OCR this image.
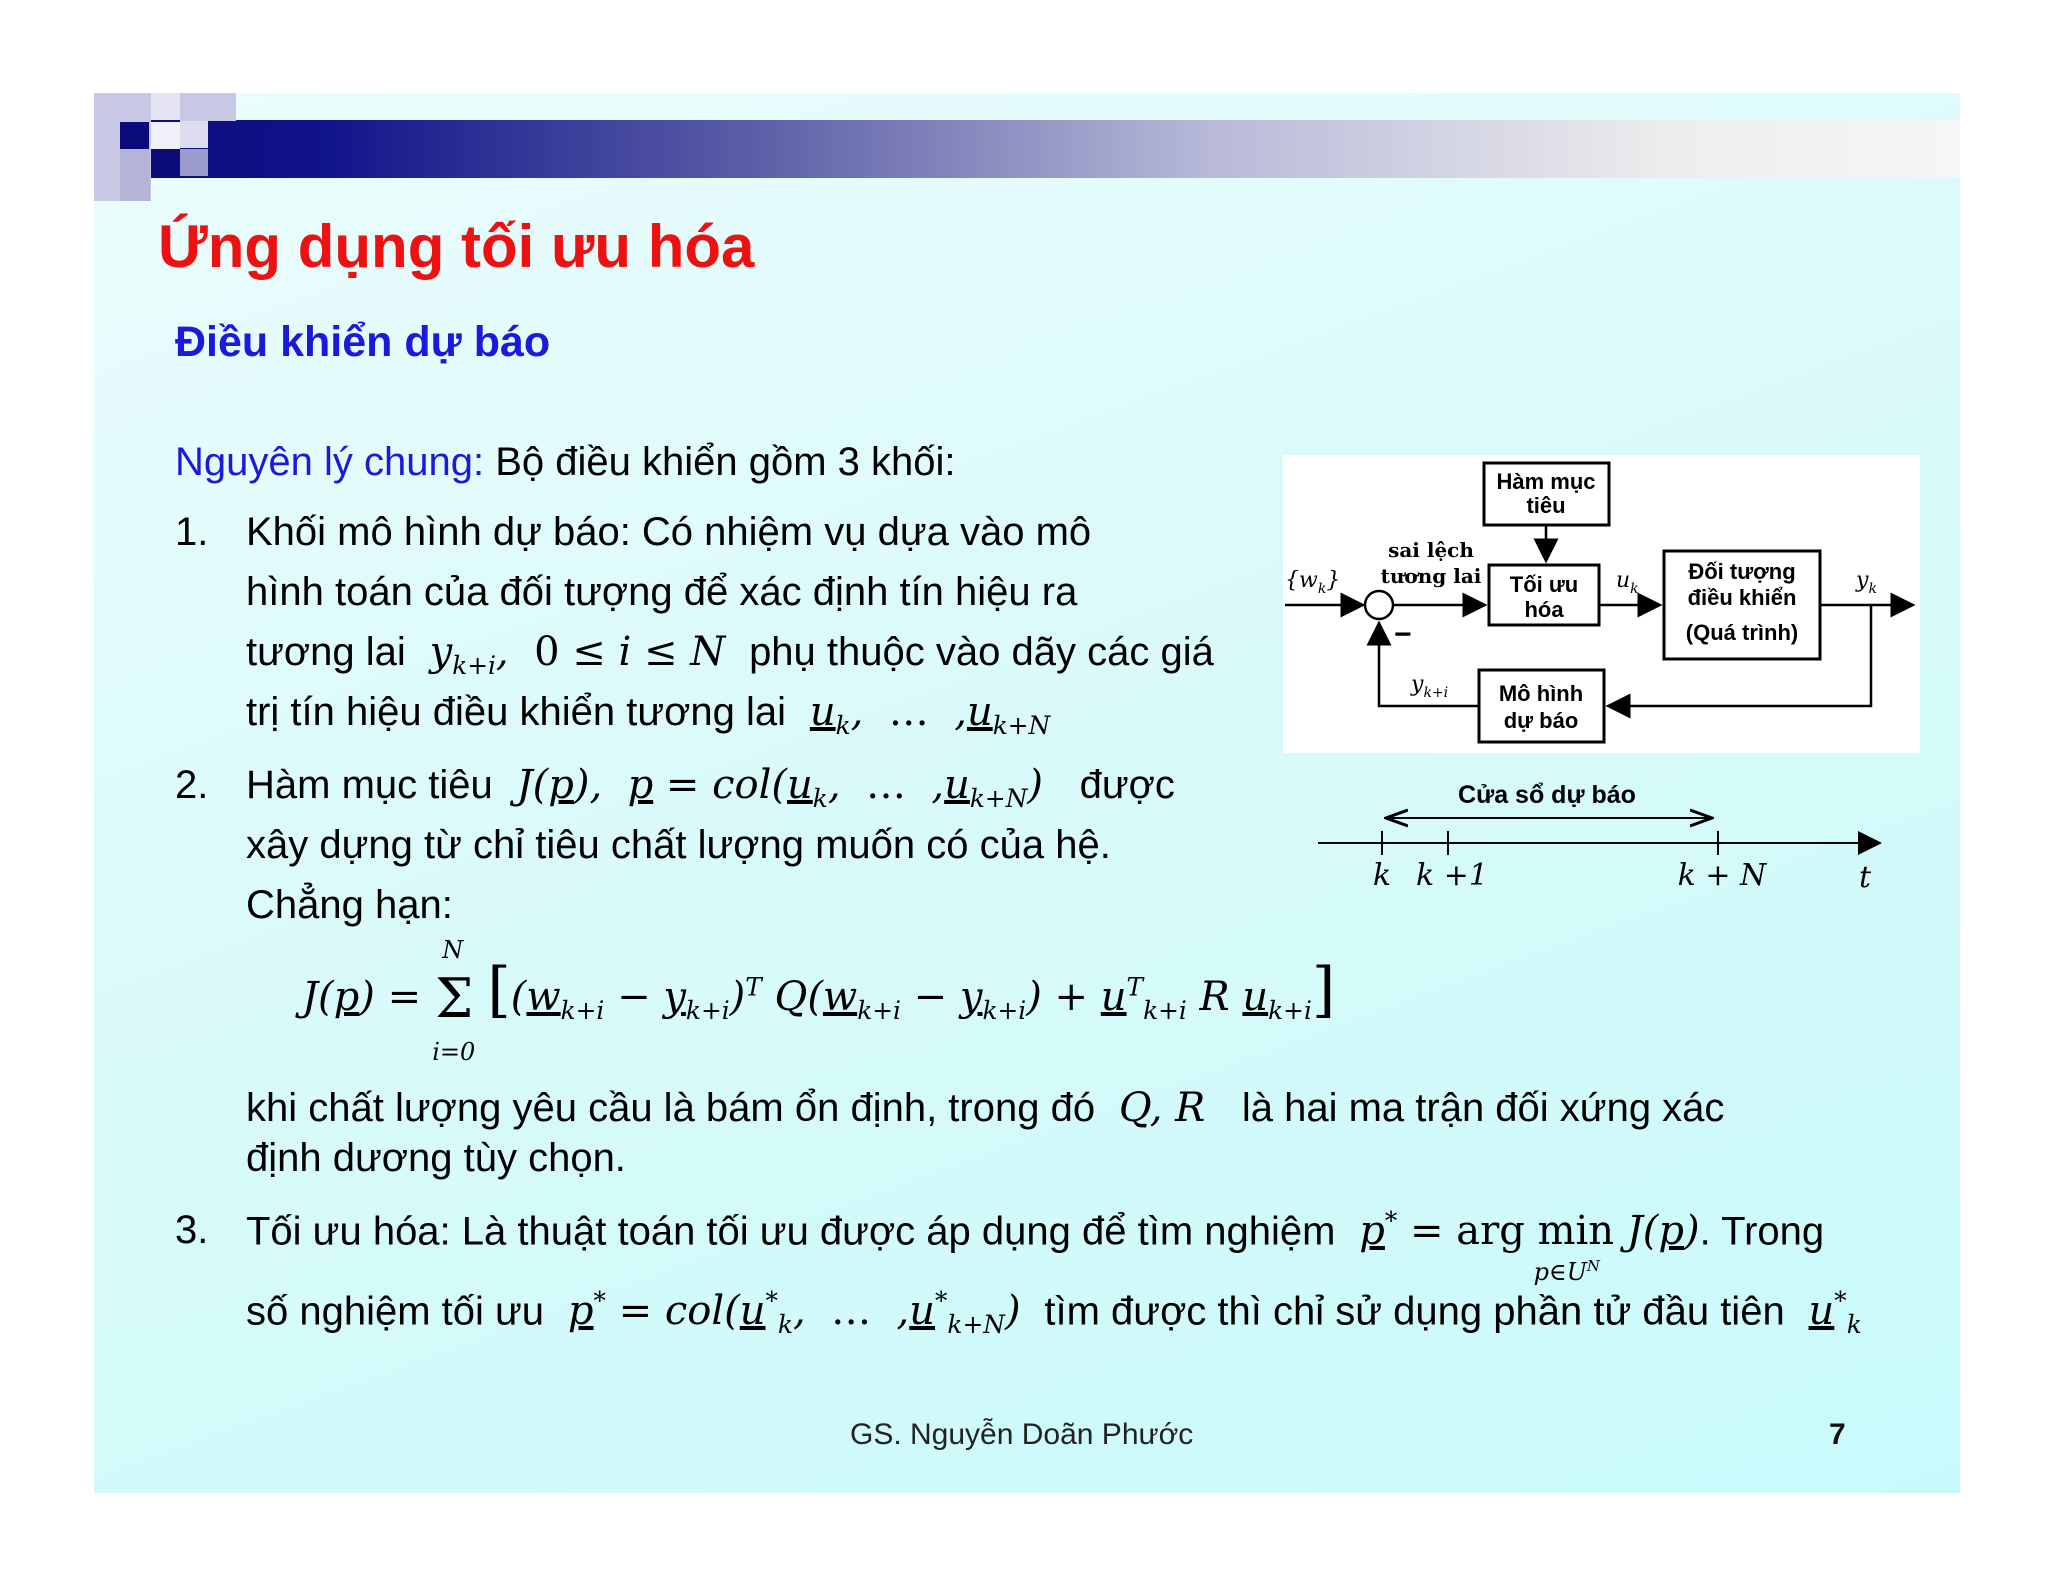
Ứng dụng tối ưu hóa
Điều khiển dự báo
Nguyên lý chung: Bộ điều khiển gồm 3 khối:
1. Khối mô hình dự báo: Có nhiệm vụ dựa vào mô
hình toán của đối tượng để xác định tín hiệu ra
tương lai  $y_{k+i}$,  0 ≤ i ≤ N  phụ thuộc vào dãy các giá
trị tín hiệu điều khiển tương lai $u_k$,  …  $,u_{k+N}$
2. Hàm mục tiêu  J(p),  $p = col(u_k$,  …  $,u_{k+N}$)   được
xây dựng từ chỉ tiêu chất lượng muốn có của hệ.
Chẳng hạn:
J(p) =
N
Σ
i=0
[$(w_{k+i} - y_{k+i})^T$ $Q(w_{k+i} - y_{k+i}) + u^T_{k+i}$ R $u_{k+i}$]
khi chất lượng yêu cầu là bám ổn định, trong đó  Q, R   là hai ma trận đối xứng xác
định dương tùy chọn.
3. Tối ưu hóa: Là thuật toán tối ưu được áp dụng để tìm nghiệm p* = arg min
$p\in U^N$
J(p). Trong
số nghiệm tối ưu $p^* = col(u^*_k$,  …  $,u^*_{k+N}$)  tìm được thì chỉ sử dụng phần tử đầu tiên $u^*_k$
Hàm mục
tiêu
Tối ưu
hóa
Đối tượng
điều khiển
(Quá trình)
Mô hình
dự báo
sai lệch
tương lai
$\{w_k\}$	$u_k$	$y_k$
$y_{k+i}$
−
Cửa sổ dự báo
k k +1	k + N	t
GS. Nguyễn Doãn Phước	7
